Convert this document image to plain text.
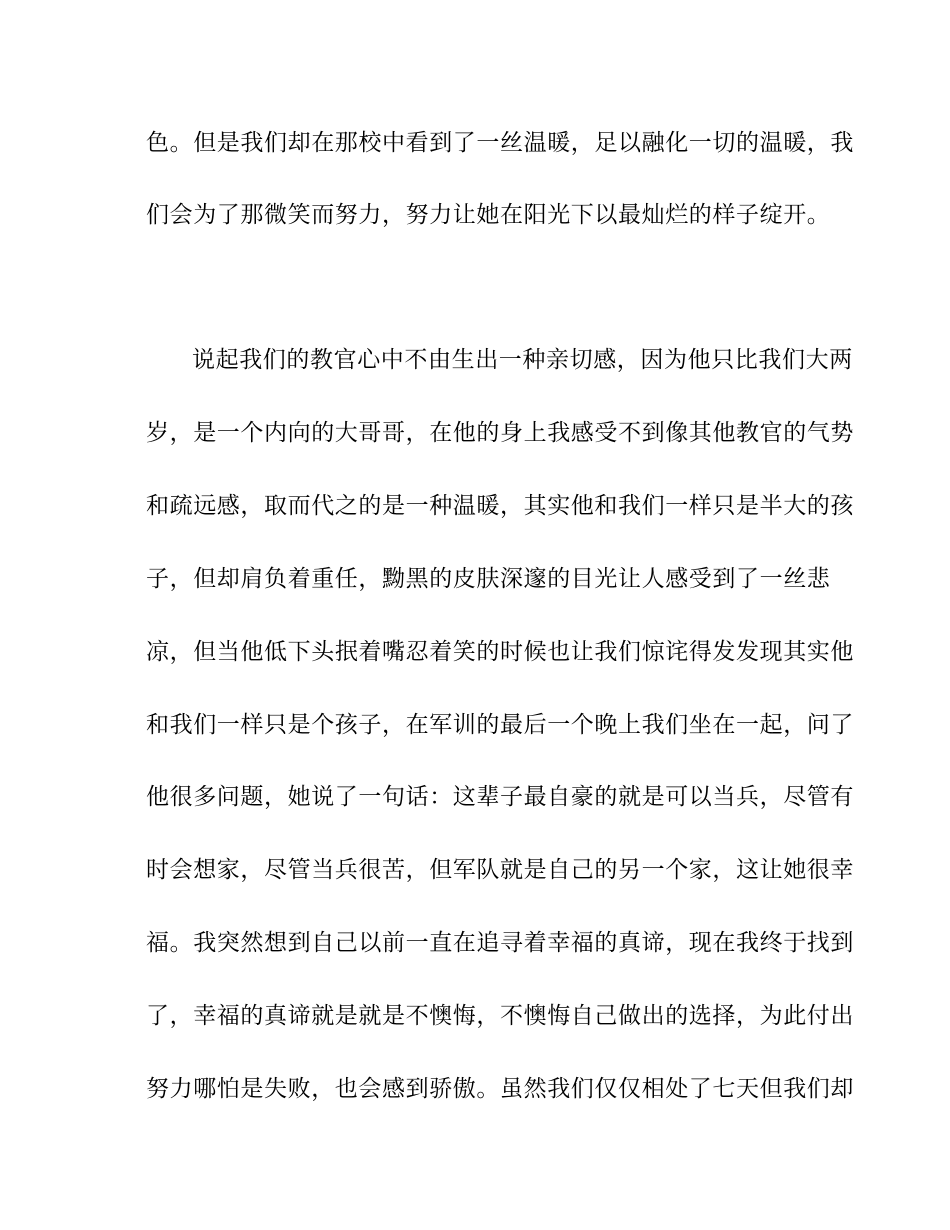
色。但是我们却在那校中看到了一丝温暖，足以融化一切的温暖，我
们会为了那微笑而努力，努力让她在阳光下以最灿烂的样子绽开。
说起我们的教官心中不由生出一种亲切感，因为他只比我们大两
岁，是一个内向的大哥哥，在他的身上我感受不到像其他教官的气势
和疏远感，取而代之的是一种温暖，其实他和我们一样只是半大的孩
子，但却肩负着重任，黝黑的皮肤深邃的目光让人感受到了一丝悲
凉，但当他低下头抿着嘴忍着笑的时候也让我们惊诧得发发现其实他
和我们一样只是个孩子，在军训的最后一个晚上我们坐在一起，问了
他很多问题，她说了一句话：这辈子最自豪的就是可以当兵，尽管有
时会想家，尽管当兵很苦，但军队就是自己的另一个家，这让她很幸
福。我突然想到自己以前一直在追寻着幸福的真谛，现在我终于找到
了，幸福的真谛就是就是不懊悔，不懊悔自己做出的选择，为此付出
努力哪怕是失败，也会感到骄傲。虽然我们仅仅相处了七天但我们却
